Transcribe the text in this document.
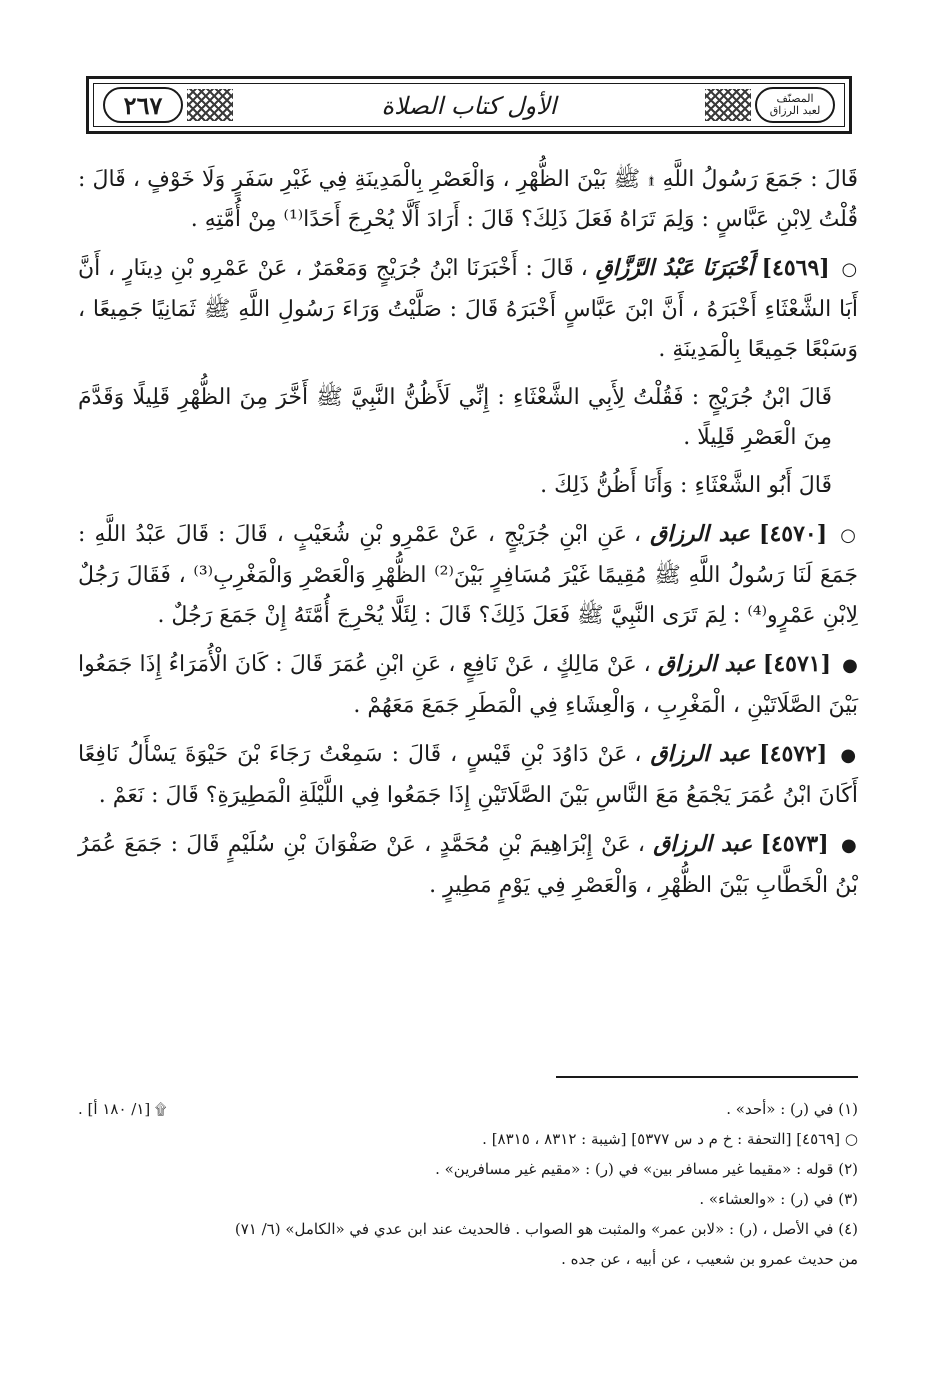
المصنّف
لعبد الرزاق
الأول كتاب الصلاة
٢٦٧

قَالَ : جَمَعَ رَسُولُ اللَّهِ ۩ ﷺ بَيْنَ الظُّهْرِ ، وَالْعَصْرِ بِالْمَدِينَةِ فِي غَيْرِ سَفَرٍ وَلَا خَوْفٍ ، قَالَ : قُلْتُ لِابْنِ عَبَّاسٍ : وَلِمَ تَرَاهُ فَعَلَ ذَلِكَ؟ قَالَ : أَرَادَ أَلَّا يُحْرِجَ أَحَدًا⁽¹⁾ مِنْ أُمَّتِهِ .

○ [٤٥٦٩] أَخْبَرَنَا عَبْدُ الرَّزَّاقِ ، قَالَ : أَخْبَرَنَا ابْنُ جُرَيْجٍ وَمَعْمَرٌ ، عَنْ عَمْرِو بْنِ دِينَارٍ ، أَنَّ أَبَا الشَّعْثَاءِ أَخْبَرَهُ ، أَنَّ ابْنَ عَبَّاسٍ أَخْبَرَهُ قَالَ : صَلَّيْتُ وَرَاءَ رَسُولِ اللَّهِ ﷺ ثَمَانِيًا جَمِيعًا ، وَسَبْعًا جَمِيعًا بِالْمَدِينَةِ .

قَالَ ابْنُ جُرَيْجٍ : فَقُلْتُ لِأَبِي الشَّعْثَاءِ : إِنِّي لَأَظُنُّ النَّبِيَّ ﷺ أَخَّرَ مِنَ الظُّهْرِ قَلِيلًا وَقَدَّمَ مِنَ الْعَصْرِ قَلِيلًا .

قَالَ أَبُو الشَّعْثَاءِ : وَأَنَا أَظُنُّ ذَلِكَ .

○ [٤٥٧٠] عبد الرزاق ، عَنِ ابْنِ جُرَيْجٍ ، عَنْ عَمْرِو بْنِ شُعَيْبٍ ، قَالَ : قَالَ عَبْدُ اللَّهِ : جَمَعَ لَنَا رَسُولُ اللَّهِ ﷺ مُقِيمًا غَيْرَ مُسَافِرٍ بَيْنَ⁽²⁾ الظُّهْرِ وَالْعَصْرِ وَالْمَغْرِبِ⁽³⁾ ، فَقَالَ رَجُلٌ لِابْنِ عَمْرٍو⁽⁴⁾ : لِمَ تَرَى النَّبِيَّ ﷺ فَعَلَ ذَلِكَ؟ قَالَ : لِئَلَّا يُحْرِجَ أُمَّتَهُ إِنْ جَمَعَ رَجُلٌ .

● [٤٥٧١] عبد الرزاق ، عَنْ مَالِكٍ ، عَنْ نَافِعٍ ، عَنِ ابْنِ عُمَرَ قَالَ : كَانَ الْأُمَرَاءُ إِذَا جَمَعُوا بَيْنَ الصَّلَاتَيْنِ ، الْمَغْرِبِ ، وَالْعِشَاءِ فِي الْمَطَرِ جَمَعَ مَعَهُمْ .

● [٤٥٧٢] عبد الرزاق ، عَنْ دَاوُدَ بْنِ قَيْسٍ ، قَالَ : سَمِعْتُ رَجَاءَ بْنَ حَيْوَةَ يَسْأَلُ نَافِعًا أَكَانَ ابْنُ عُمَرَ يَجْمَعُ مَعَ النَّاسِ بَيْنَ الصَّلَاتَيْنِ إِذَا جَمَعُوا فِي اللَّيْلَةِ الْمَطِيرَةِ؟ قَالَ : نَعَمْ .

● [٤٥٧٣] عبد الرزاق ، عَنْ إِبْرَاهِيمَ بْنِ مُحَمَّدٍ ، عَنْ صَفْوَانَ بْنِ سُلَيْمٍ قَالَ : جَمَعَ عُمَرُ بْنُ الْخَطَّابِ بَيْنَ الظُّهْرِ ، وَالْعَصْرِ فِي يَوْمٍ مَطِيرٍ .

(١) في (ر) : «أحد» .
۩ [١/ ١٨٠ أ] .

○ [٤٥٦٩] [التحفة : خ م د س ٥٣٧٧] [شيبة : ٨٣١٢ ، ٨٣١٥] .

(٢) قوله : «مقيما غير مسافر بين» في (ر) : «مقيم غير مسافرين» .

(٣) في (ر) : «والعشاء» .

(٤) في الأصل ، (ر) : «لابن عمر» والمثبت هو الصواب . فالحديث عند ابن عدي في «الكامل» (٦/ ٧١)

من حديث عمرو بن شعيب ، عن أبيه ، عن جده .
